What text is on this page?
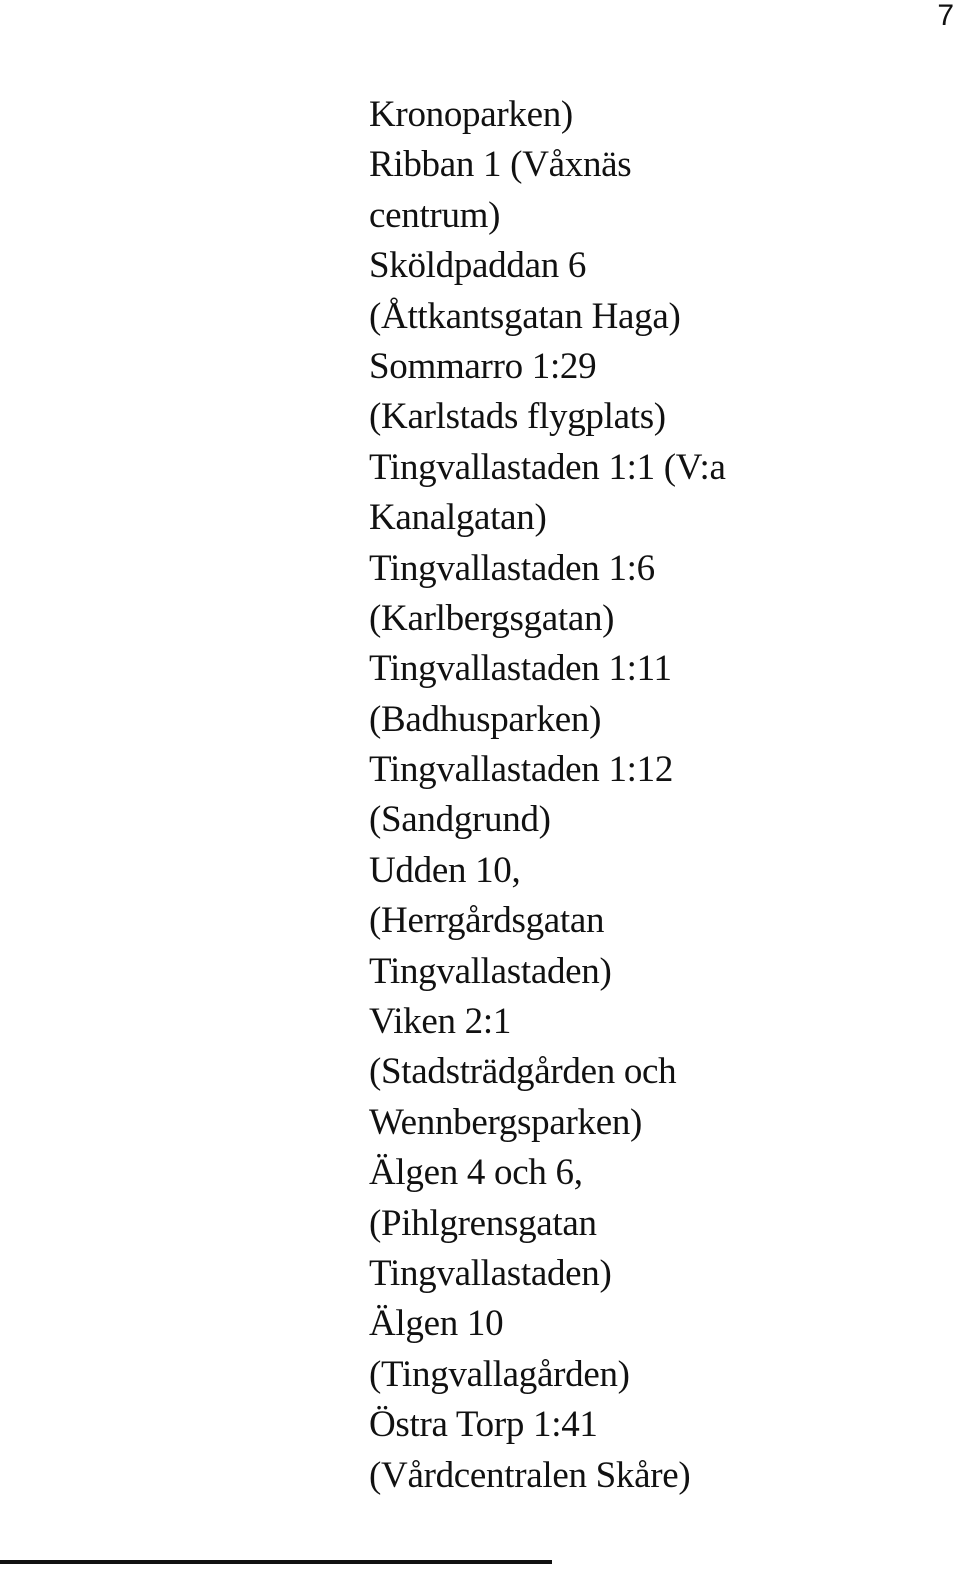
7
Kronoparken)
Ribban 1 (Våxnäs
centrum)
Sköldpaddan 6
(Åttkantsgatan Haga)
Sommarro 1:29
(Karlstads flygplats)
Tingvallastaden 1:1 (V:a
Kanalgatan)
Tingvallastaden 1:6
(Karlbergsgatan)
Tingvallastaden 1:11
(Badhusparken)
Tingvallastaden 1:12
(Sandgrund)
Udden 10,
(Herrgårdsgatan
Tingvallastaden)
Viken 2:1
(Stadsträdgården och
Wennbergsparken)
Älgen 4 och 6,
(Pihlgrensgatan
Tingvallastaden)
Älgen 10
(Tingvallagården)
Östra Torp 1:41
(Vårdcentralen Skåre)
